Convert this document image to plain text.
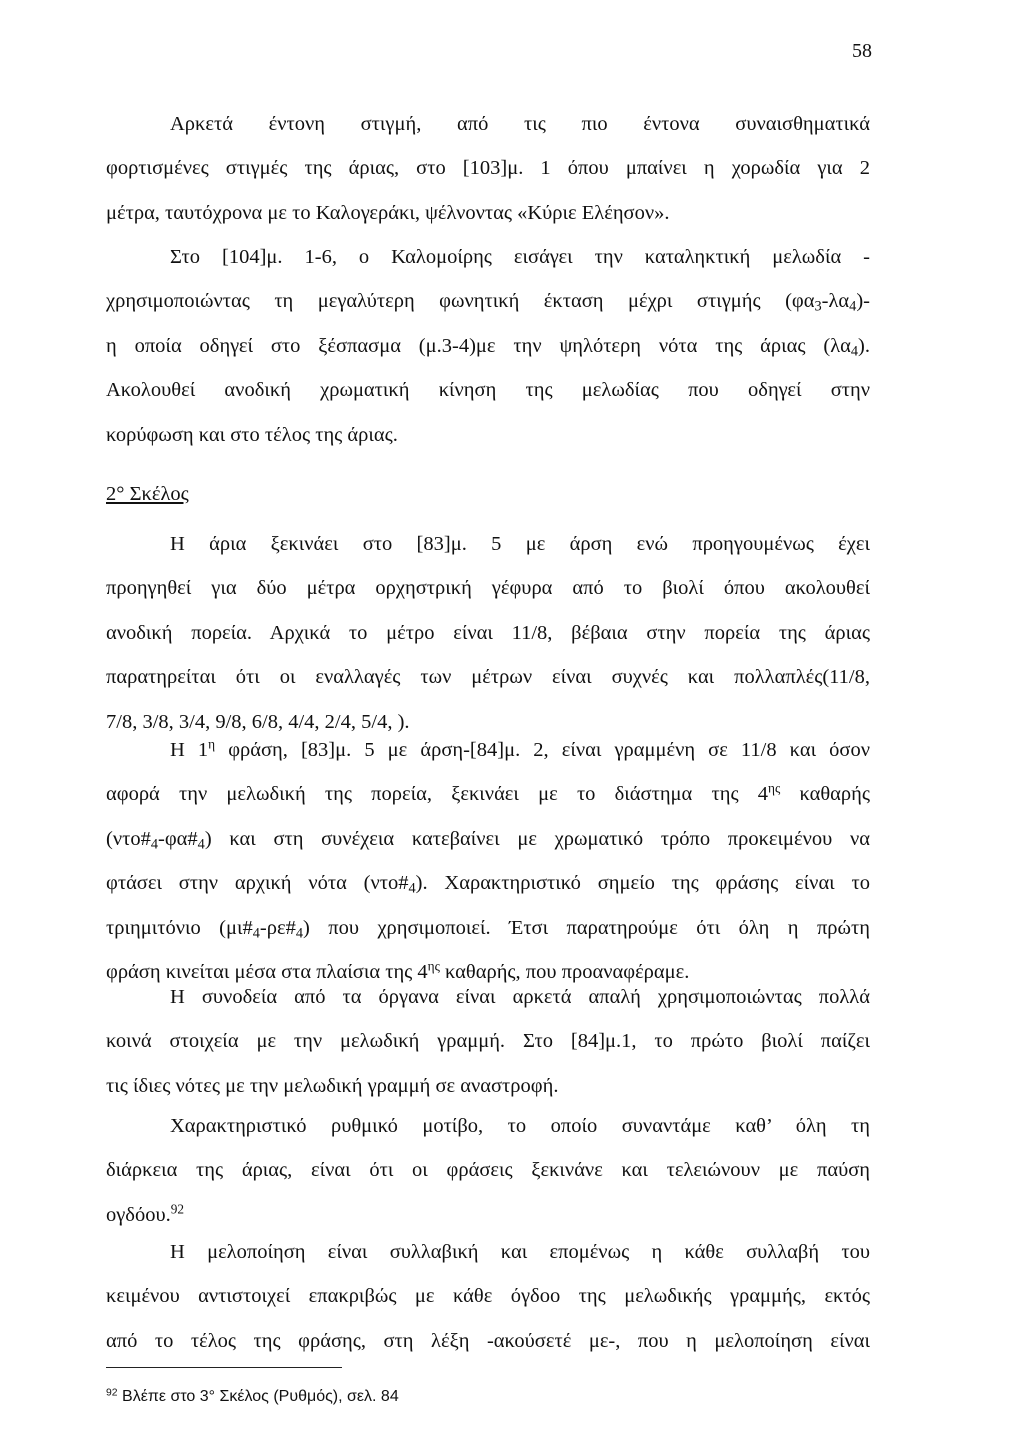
58

Αρκετά έντονη στιγμή, από τις πιο έντονα συναισθηματικά
φορτισμένες στιγμές της άριας, στο [103]μ. 1 όπου μπαίνει η χορωδία για 2
μέτρα, ταυτόχρονα με το Καλογεράκι, ψέλνοντας «Κύριε Ελέησον».

Στο [104]μ. 1-6, ο Καλομοίρης εισάγει την καταληκτική μελωδία -
χρησιμοποιώντας τη μεγαλύτερη φωνητική έκταση μέχρι στιγμής $(\varphi\alpha_3-\lambda\alpha_4)-$
η οποία οδηγεί στο ξέσπασμα (μ.3-4)με την ψηλότερη νότα της άριας $(\lambda\alpha_4)$.
Ακολουθεί ανοδική χρωματική κίνηση της μελωδίας που οδηγεί στην
κορύφωση και στο τέλος της άριας.

2° Σκέλος

Η άρια ξεκινάει στο [83]μ. 5 με άρση ενώ προηγουμένως έχει
προηγηθεί για δύο μέτρα ορχηστρική γέφυρα από το βιολί όπου ακολουθεί
ανοδική πορεία. Αρχικά το μέτρο είναι 11/8, βέβαια στην πορεία της άριας
παρατηρείται ότι οι εναλλαγές των μέτρων είναι συχνές και πολλαπλές(11/8,
7/8, 3/8, 3/4, 9/8, 6/8, 4/4, 2/4, 5/4, ).

Η $1^\eta$ φράση, [83]μ. 5 με άρση-[84]μ. 2, είναι γραμμένη σε 11/8 και όσον
αφορά την μελωδική της πορεία, ξεκινάει με το διάστημα της $4^{\eta\varsigma}$ καθαρής
$(\nu\tau o\#_4-\varphi\alpha\#_4)$ και στη συνέχεια κατεβαίνει με χρωματικό τρόπο προκειμένου να
φτάσει στην αρχική νότα $(\nu\tau o\#_4)$. Χαρακτηριστικό σημείο της φράσης είναι το
τριημιτόνιο $(\mu\iota\#_4-\rho\varepsilon\#_4)$ που χρησιμοποιεί. Έτσι παρατηρούμε ότι όλη η πρώτη
φράση κινείται μέσα στα πλαίσια της $4^{\eta\varsigma}$ καθαρής, που προαναφέραμε.

Η συνοδεία από τα όργανα είναι αρκετά απαλή χρησιμοποιώντας πολλά
κοινά στοιχεία με την μελωδική γραμμή. Στο [84]μ.1, το πρώτο βιολί παίζει
τις ίδιες νότες με την μελωδική γραμμή σε αναστροφή.

Χαρακτηριστικό ρυθμικό μοτίβο, το οποίο συναντάμε καθ’ όλη τη
διάρκεια της άριας, είναι ότι οι φράσεις ξεκινάνε και τελειώνουν με παύση
ογδόου.$^{92}$

Η μελοποίηση είναι συλλαβική και επομένως η κάθε συλλαβή του
κειμένου αντιστοιχεί επακριβώς με κάθε όγδοο της μελωδικής γραμμής, εκτός
από το τέλος της φράσης, στη λέξη -ακούσετέ με-, που η μελοποίηση είναι

$^{92}$ Βλέπε στο 3° Σκέλος (Ρυθμός), σελ. 84
